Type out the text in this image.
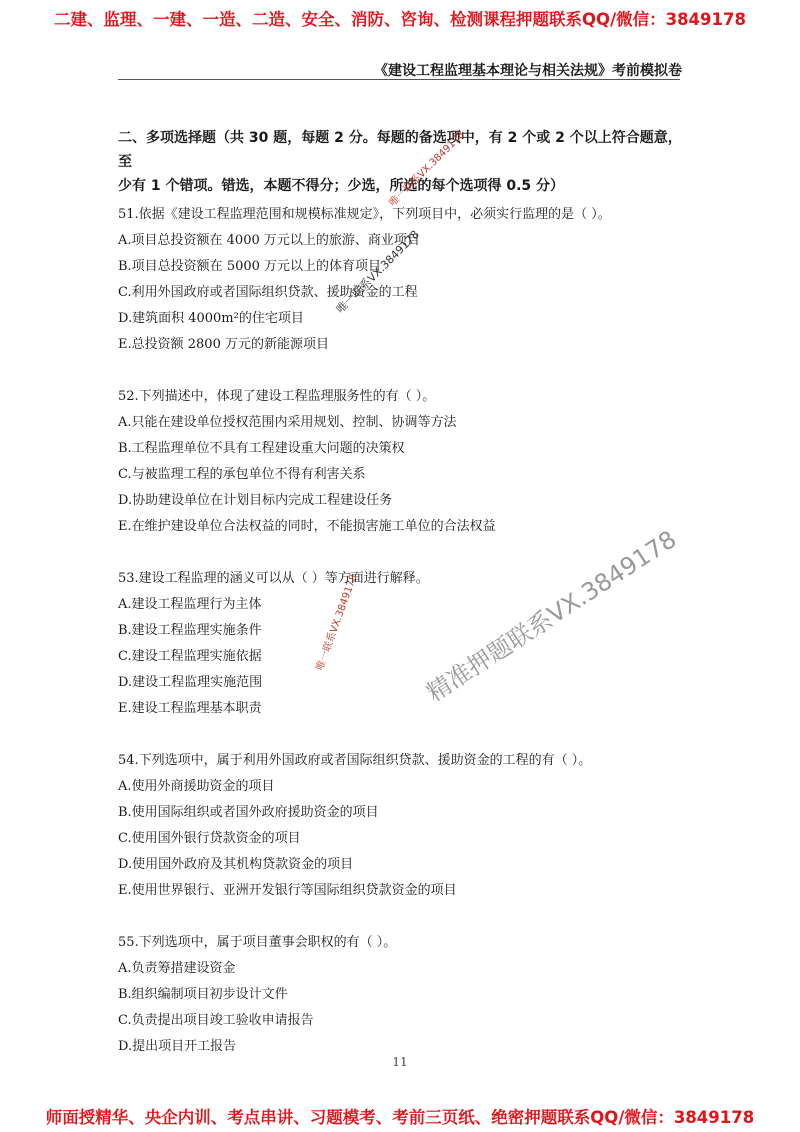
二建、监理、一建、一造、二造、安全、消防、咨询、检测课程押题联系QQ/微信：3849178
《建设工程监理基本理论与相关法规》考前模拟卷
二、多项选择题（共 30 题，每题 2 分。每题的备选项中，有 2 个或 2 个以上符合题意，至
少有 1 个错项。错选，本题不得分；少选，所选的每个选项得 0.5 分）
51.依据《建设工程监理范围和规模标准规定》，下列项目中，必须实行监理的是（ ）。
A.项目总投资额在 4000 万元以上的旅游、商业项目
B.项目总投资额在 5000 万元以上的体育项目
C.利用外国政府或者国际组织贷款、援助资金的工程
D.建筑面积 4000m²的住宅项目
E.总投资额 2800 万元的新能源项目
52.下列描述中，体现了建设工程监理服务性的有（ ）。
A.只能在建设单位授权范围内采用规划、控制、协调等方法
B.工程监理单位不具有工程建设重大问题的决策权
C.与被监理工程的承包单位不得有利害关系
D.协助建设单位在计划目标内完成工程建设任务
E.在维护建设单位合法权益的同时，不能损害施工单位的合法权益
53.建设工程监理的涵义可以从（ ）等方面进行解释。
A.建设工程监理行为主体
B.建设工程监理实施条件
C.建设工程监理实施依据
D.建设工程监理实施范围
E.建设工程监理基本职责
54.下列选项中，属于利用外国政府或者国际组织贷款、援助资金的工程的有（ ）。
A.使用外商援助资金的项目
B.使用国际组织或者国外政府援助资金的项目
C.使用国外银行贷款资金的项目
D.使用国外政府及其机构贷款资金的项目
E.使用世界银行、亚洲开发银行等国际组织贷款资金的项目
55.下列选项中，属于项目董事会职权的有（ ）。
A.负责筹措建设资金
B.组织编制项目初步设计文件
C.负责提出项目竣工验收申请报告
D.提出项目开工报告
精准押题联系VX.3849178
唯一联系VX.3849178
唯一联系VX.3849178
唯一联系VX.3849178
11
师面授精华、央企内训、考点串讲、习题模考、考前三页纸、绝密押题联系QQ/微信：3849178
